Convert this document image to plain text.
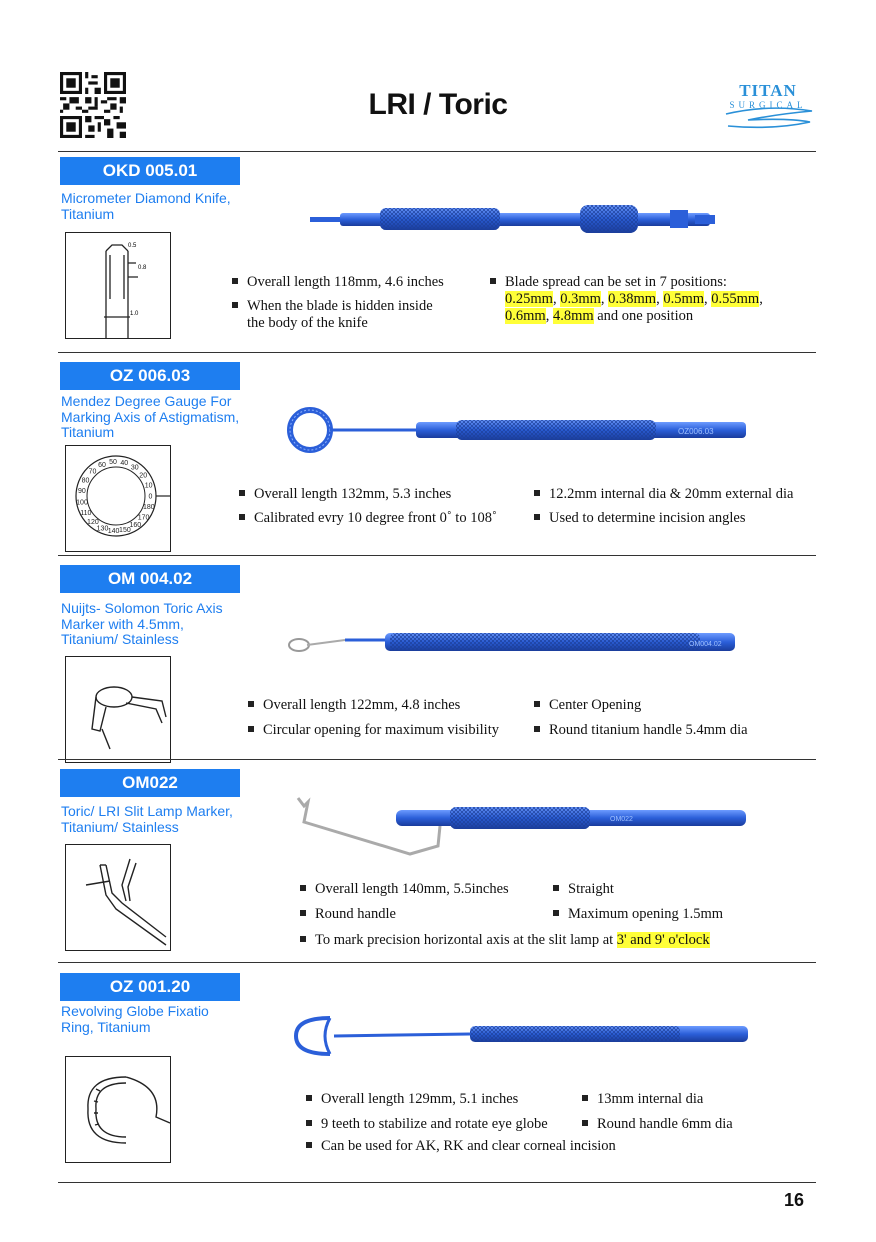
LRI / Toric	TITAN
SURGICAL
OKD 005.01
Micrometer Diamond Knife,
Titanium
0.5
0.8
1.0
Overall length 118mm, 4.6 inches
When the blade is hidden inside
the body of the knife
Blade spread can be set in 7 positions:
0.25mm, 0.3mm, 0.38mm, 0.5mm, 0.55mm,
0.6mm, 4.8mm and one position
OZ 006.03
Mendez Degree Gauge For
Marking Axis of Astigmatism,
Titanium
0
10
20
30
40
50
60
70
80
90
100
110
120
130 140 150
160
170
180
OZ006.03
Overall length 132mm, 5.3 inches
Calibrated evry 10 degree front 0˚ to 108˚
12.2mm internal dia & 20mm external dia
Used to determine incision angles
OM 004.02
Nuijts- Solomon Toric Axis
Marker with 4.5mm,
Titanium/ Stainless	OM004.02
Overall length 122mm, 4.8 inches
Circular opening for maximum visibility
Center Opening
Round titanium handle 5.4mm dia
OM022
Toric/ LRI Slit Lamp Marker,
Titanium/ Stainless	OM022
Overall length 140mm, 5.5inches
Round handle
Straight
Maximum opening 1.5mm
To mark precision horizontal axis at the slit lamp at 3' and 9' o'clock
OZ 001.20
Revolving Globe Fixatio
Ring, Titanium
Overall length 129mm, 5.1 inches
9 teeth to stabilize and rotate eye globe
13mm internal dia
Round handle 6mm dia
Can be used for AK, RK and clear corneal incision
16
